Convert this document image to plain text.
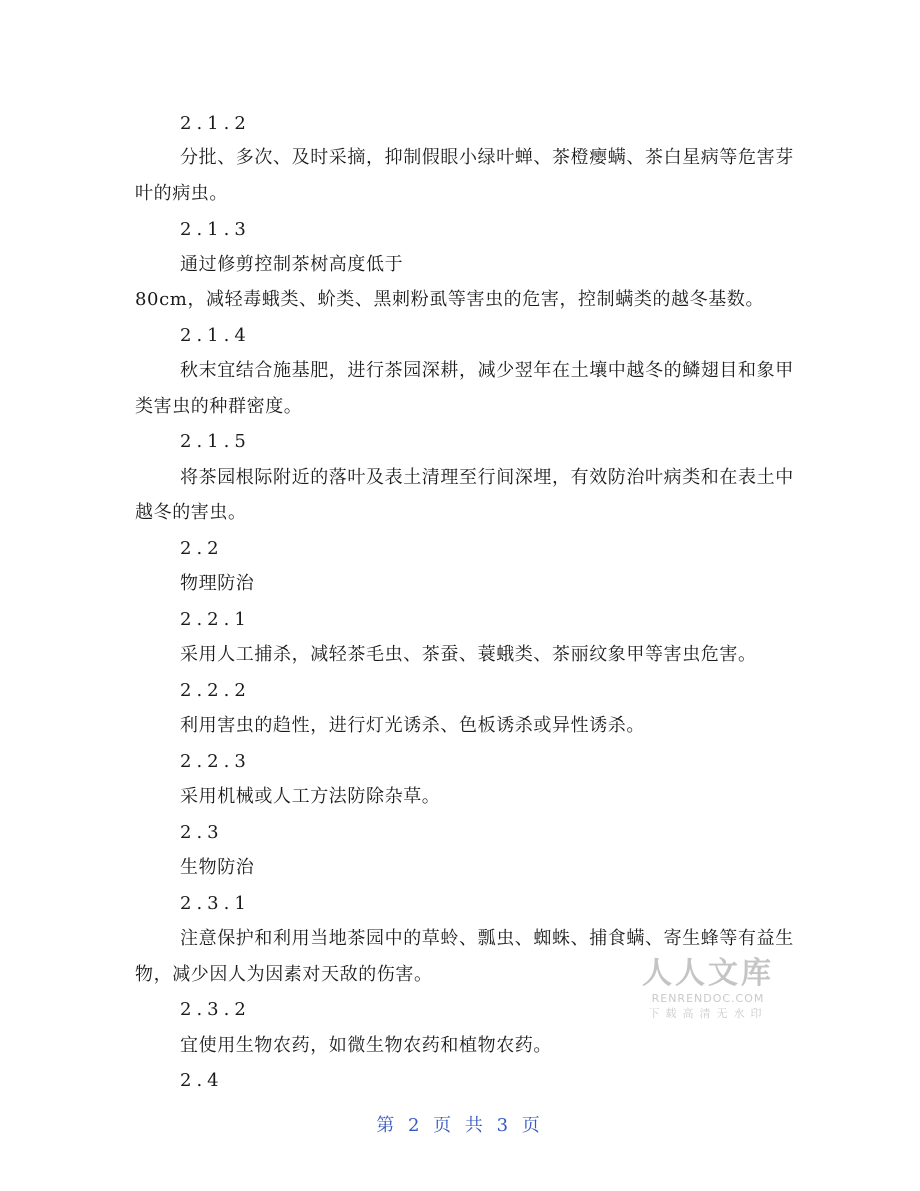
2.1.2

分批、多次、及时采摘，抑制假眼小绿叶蝉、茶橙瘿螨、茶白星病等危害芽

叶的病虫。

2.1.3

通过修剪控制茶树高度低于

80cm，减轻毒蛾类、蚧类、黑刺粉虱等害虫的危害，控制螨类的越冬基数。

2.1.4

秋末宜结合施基肥，进行茶园深耕，减少翌年在土壤中越冬的鳞翅目和象甲

类害虫的种群密度。

2.1.5

将茶园根际附近的落叶及表土清理至行间深埋，有效防治叶病类和在表土中

越冬的害虫。

2.2

物理防治

2.2.1

采用人工捕杀，减轻茶毛虫、茶蚕、蓑蛾类、茶丽纹象甲等害虫危害。

2.2.2

利用害虫的趋性，进行灯光诱杀、色板诱杀或异性诱杀。

2.2.3

采用机械或人工方法防除杂草。

2.3

生物防治

2.3.1

注意保护和利用当地茶园中的草蛉、瓢虫、蜘蛛、捕食螨、寄生蜂等有益生

物，减少因人为因素对天敌的伤害。

2.3.2

宜使用生物农药，如微生物农药和植物农药。

2.4

人人文库
RENRENDOC.COM
下载高清无水印
第 2 页 共 3 页
